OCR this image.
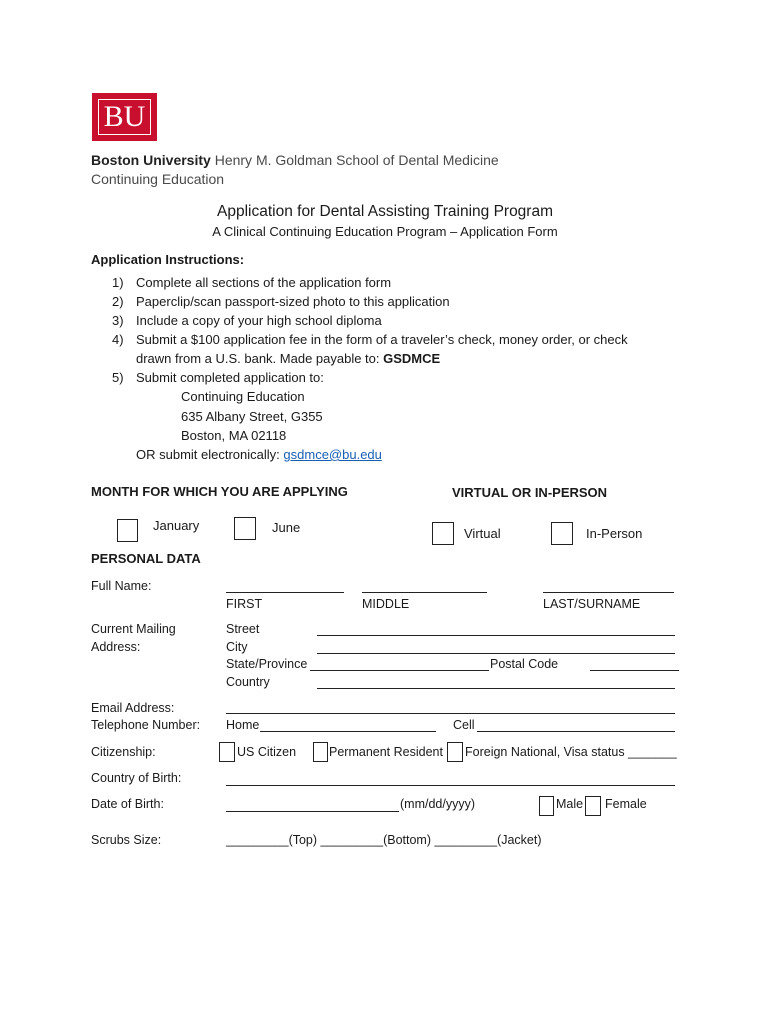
BU
Boston University Henry M. Goldman School of Dental Medicine
Continuing Education
Application for Dental Assisting Training Program
A Clinical Continuing Education Program – Application Form
Application Instructions:
1) Complete all sections of the application form
2) Paperclip/scan passport-sized photo to this application
3) Include a copy of your high school diploma
4) Submit a $100 application fee in the form of a traveler’s check, money order, or check
drawn from a U.S. bank. Made payable to: GSDMCE
5) Submit completed application to:
Continuing Education
635 Albany Street, G355
Boston, MA 02118
OR submit electronically: gsdmce@bu.edu
MONTH FOR WHICH YOU ARE APPLYING	VIRTUAL OR IN-PERSON
January	June	Virtual	In-Person
PERSONAL DATA
Full Name:
FIRST	MIDDLE	LAST/SURNAME
Current Mailing
Address:
Street
City
State/Province	Postal Code
Country
Email Address:
Telephone Number: Home	Cell
Citizenship:	US Citizen	Permanent Resident Foreign National, Visa status _______
Country of Birth:
Date of Birth:	(mm/dd/yyyy)	Male Female
Scrubs Size:	_________(Top) _________(Bottom) _________(Jacket)
